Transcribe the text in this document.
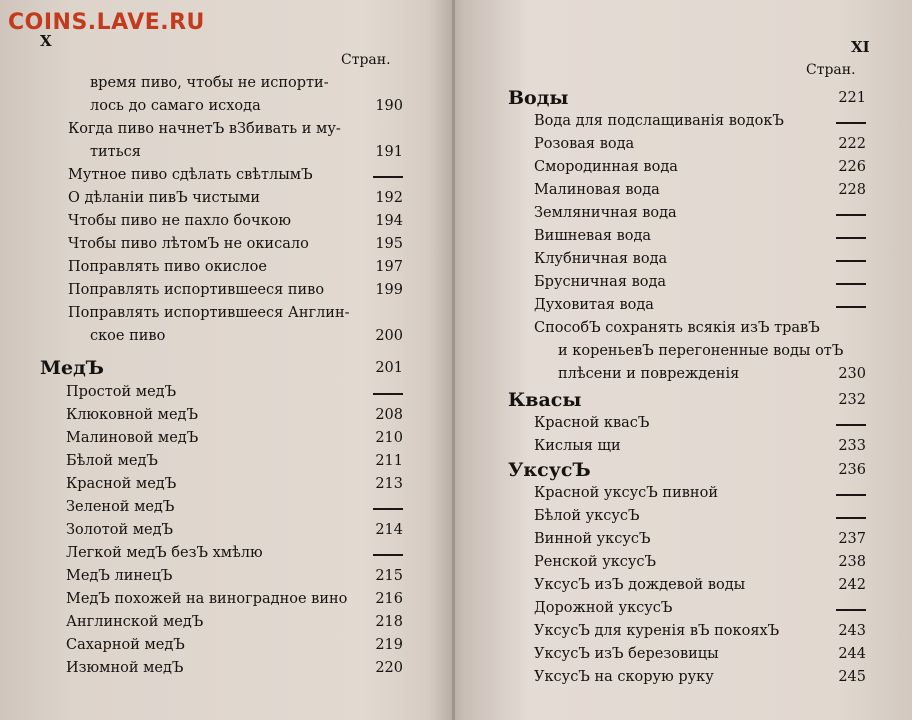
COINS.LAVE.RU
X
Стран.
XI
Стран.
время пиво, чтобы не испорти-
лось до самаго исхода	190
Когда пиво начнетЪ вЗбивать и му-
титься	191
Мутное пиво сдѣлать свѣтлымЪ
О дѣланіи пивЪ чистыми	192
Чтобы пиво не пахло бочкою	194
Чтобы пиво лѣтомЪ не окисало	195
Поправлять пиво окислое	197
Поправлять испортившееся пиво	199
Поправлять испортившееся Англин-
ское пиво	200
МедЪ	201
Простой медЪ
Клюковной медЪ	208
Малиновой медЪ	210
Бѣлой медЪ	211
Красной медЪ	213
Зеленой медЪ
Золотой медЪ	214
Легкой медЪ безЪ хмѣлю
МедЪ линецЪ	215
МедЪ похожей на виноградное вино	216
Англинской медЪ	218
Сахарной медЪ	219
Изюмной медЪ	220
Воды	221
Вода для подслащиванія водокЪ
Розовая вода	222
Смородинная вода	226
Малиновая вода	228
Земляничная вода
Вишневая вода
Клубничная вода
Брусничная вода
Духовитая вода
СпособЪ сохранять всякія изЪ травЪ
и кореньевЪ перегоненные воды отЪ
плѣсени и поврежденія	230
Квасы	232
Красной квасЪ
Кислыя щи	233
УксусЪ	236
Красной уксусЪ пивной
Бѣлой уксусЪ
Винной уксусЪ	237
Ренской уксусЪ	238
УксусЪ изЪ дождевой воды	242
Дорожной уксусЪ
УксусЪ для куренія вЪ покояхЪ	243
УксусЪ изЪ березовицы	244
УксусЪ на скорую руку	245
